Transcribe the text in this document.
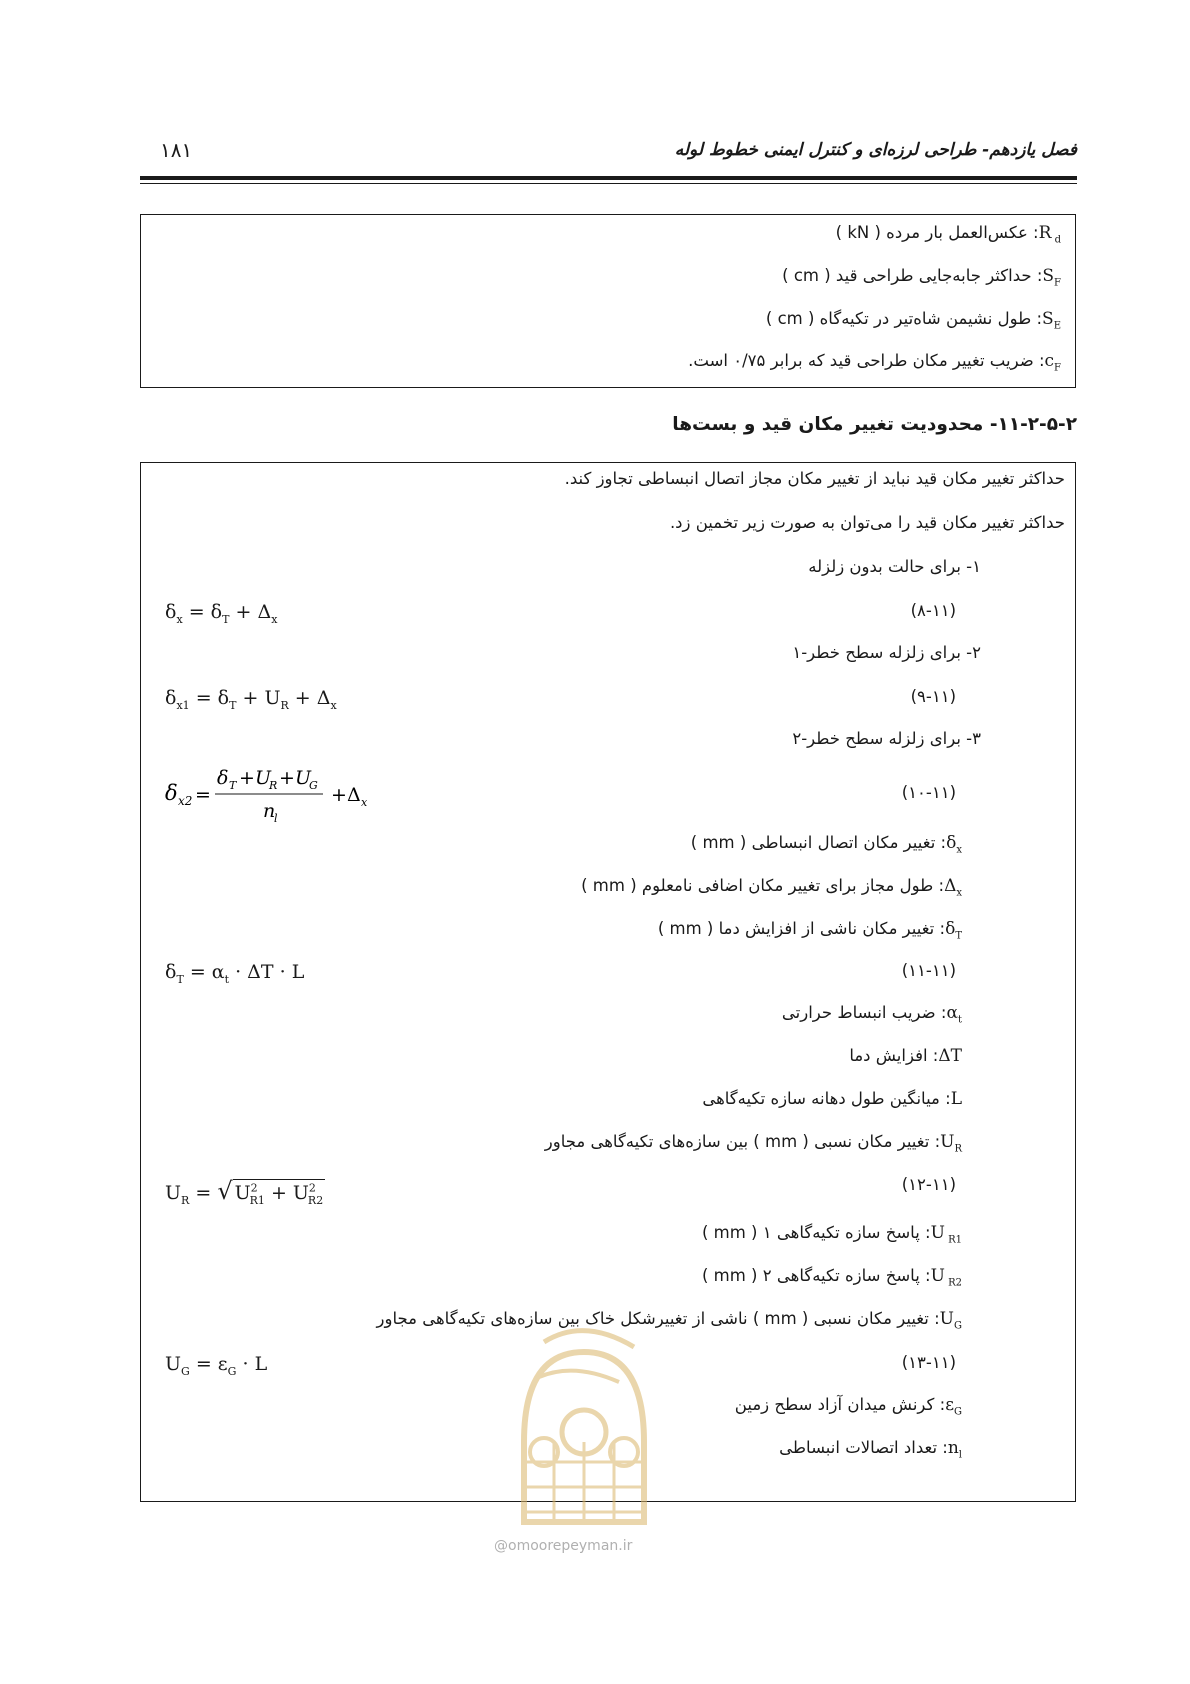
۱۸۱	فصل یازدهم- طراحی لرزه‌ای و کنترل ایمنی خطوط لوله
R $_d$: عکس‌العمل بار مرده ( kN )
$S_F$: حداکثر جابه‌جایی طراحی قید ( cm )
$S_E$: طول نشیمن شاه‌تیر در تکیه‌گاه ( cm )
$c_F$: ضریب تغییر مکان طراحی قید که برابر ۰/۷۵ است.
۱۱-۲-۵-۲- محدودیت تغییر مکان قید و بست‌ها
حداکثر تغییر مکان قید نباید از تغییر مکان مجاز اتصال انبساطی تجاوز کند.
حداکثر تغییر مکان قید را می‌توان به صورت زیر تخمین زد.
۱- برای حالت بدون زلزله
$\delta_x = \delta_T + \Delta_x$	(۸-۱۱)
۲- برای زلزله سطح خطر-۱
$\delta_{x1} = \delta_T + U_R + \Delta_x$	(۹-۱۱)
۳- برای زلزله سطح خطر-۲
δ x2 =
δ T + U
R + U
G
n
l
+ Δ x
(۱۰-۱۱)
$\delta_x$: تغییر مکان اتصال انبساطی ( mm )
$\Delta_x$: طول مجاز برای تغییر مکان اضافی نامعلوم ( mm )
$\delta_T$: تغییر مکان ناشی از افزایش دما ( mm )
$\delta_T = \alpha_t \cdot \Delta T \cdot L$	(۱۱-۱۱)
$\alpha_t$: ضریب انبساط حرارتی
ΔT: افزایش دما
L: میانگین طول دهانه سازه تکیه‌گاهی
$U_R$: تغییر مکان نسبی ( mm ) بین سازه‌های تکیه‌گاهی مجاور
$U_R$ = √ $U^2_{R1} + U^2_{R2}$
(۱۲-۱۱)
U $_{R1}$: پاسخ سازه تکیه‌گاهی ۱ ( mm )
U $_{R2}$: پاسخ سازه تکیه‌گاهی ۲ ( mm )
$U_G$: تغییر مکان نسبی ( mm ) ناشی از تغییرشکل خاک بین سازه‌های تکیه‌گاهی مجاور
$U_G = \varepsilon_G \cdot L$	(۱۳-۱۱)
$\varepsilon_G$: کرنش میدان آزاد سطح زمین
$n_l$: تعداد اتصالات انبساطی
@omoorepeyman.ir
